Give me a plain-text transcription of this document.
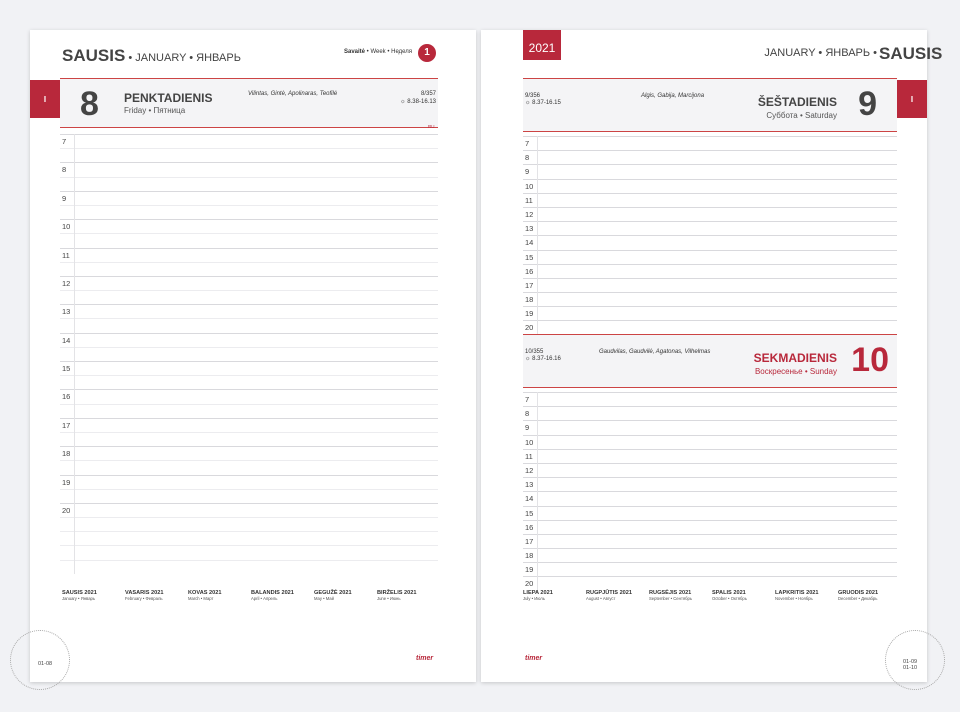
SAUSIS • JANUARY • ЯНВАРЬ	Savaitė • Week • Неделя	1
I 8 PENKTADIENIS
Friday • Пятница
Vilintas, Gintė, Apolinaras, Teofilė	8/357
☼ 8.38-16.13
RU
7
8
9
10
11
12
13
14
15
16
17
18
19
20
SAUSIS 2021
January • Январь

VASARIS 2021
February • Февраль

KOVAS 2021
March • Март

BALANDIS 2021
April • Апрель

GEGUŽĖ 2021
May • Май

BIRŽELIS 2021
June • Июнь

01-08
timer
2021	JANUARY • ЯНВАРЬ • SAUSIS
I
9/356
☼ 8.37-16.15
Algis, Gabija, Marcijona	ŠEŠTADIENIS
Суббота • Saturday 9
7
8
9
10
11
12
13
14
15
16
17
18
19
20
10/355
☼ 8.37-16.16
Gaudvilas, Gaudvilė, Agatonas, Vilhelmas	SEKMADIENIS
Воскресенье • Sunday 10
7
8
9
10
11
12
13
14
15
16
17
18
19
20
LIEPA 2021
July • Июль

RUGPJŪTIS 2021
August • Август

RUGSĖJIS 2021
September • Сентябрь

SPALIS 2021
October • Октябрь

LAPKRITIS 2021
November • Ноябрь

GRUODIS 2021
December • Декабрь

01-09
01-10
timer
